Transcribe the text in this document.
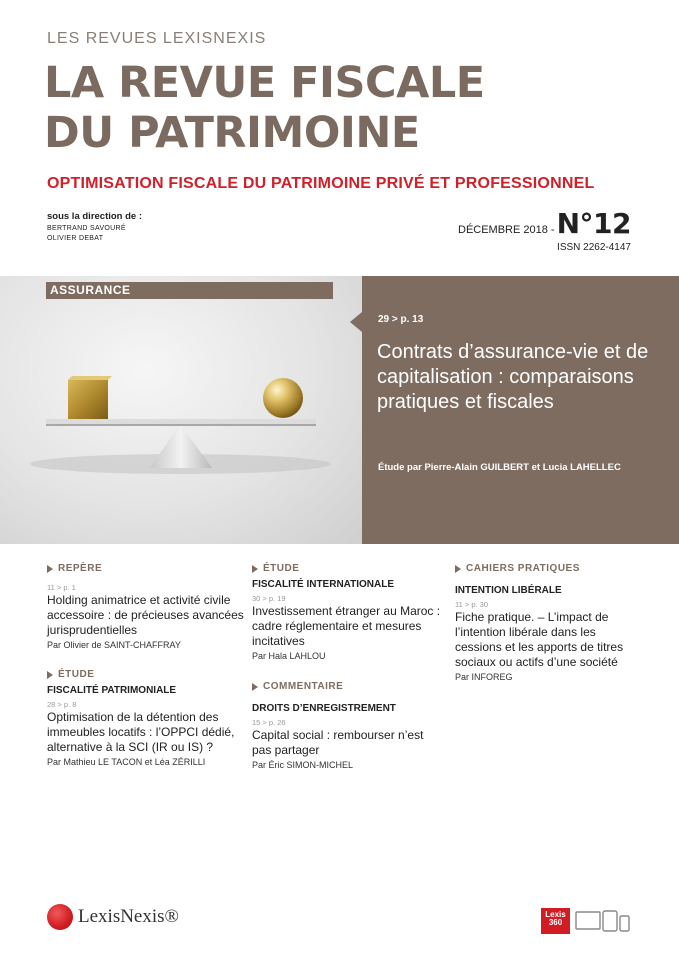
LES REVUES LEXISNEXIS
LA REVUE FISCALE
DU PATRIMOINE
OPTIMISATION FISCALE DU PATRIMOINE PRIVÉ ET PROFESSIONNEL
sous la direction de :
BERTRAND SAVOURÉ
OLIVIER DEBAT
DÉCEMBRE 2018 - N°12
ISSN 2262-4147
ASSURANCE
29 > p. 13
Contrats d’assurance-vie et de capitalisation : comparaisons pratiques et fiscales
Étude par Pierre-Alain GUILBERT et Lucia LAHELLEC
REPÈRE
11 > p. 1
Holding animatrice et activité civile accessoire : de précieuses avancées jurisprudentielles
Par Olivier de SAINT-CHAFFRAY
ÉTUDE
FISCALITÉ PATRIMONIALE
28 > p. 8
Optimisation de la détention des immeubles locatifs : l’OPPCI dédié, alternative à la SCI (IR ou IS) ?
Par Mathieu LE TACON et Léa ZÉRILLI
ÉTUDE
FISCALITÉ INTERNATIONALE
30 > p. 19
Investissement étranger au Maroc : cadre réglementaire et mesures incitatives
Par Hala LAHLOU
COMMENTAIRE
DROITS D’ENREGISTREMENT
15 > p. 26
Capital social : rembourser n’est pas partager
Par Éric SIMON-MICHEL
CAHIERS PRATIQUES
INTENTION LIBÉRALE
11 > p. 30
Fiche pratique. – L’impact de l’intention libérale dans les cessions et les apports de titres sociaux ou actifs d’une société
Par INFOREG
LexisNexis®	Lexis 360
